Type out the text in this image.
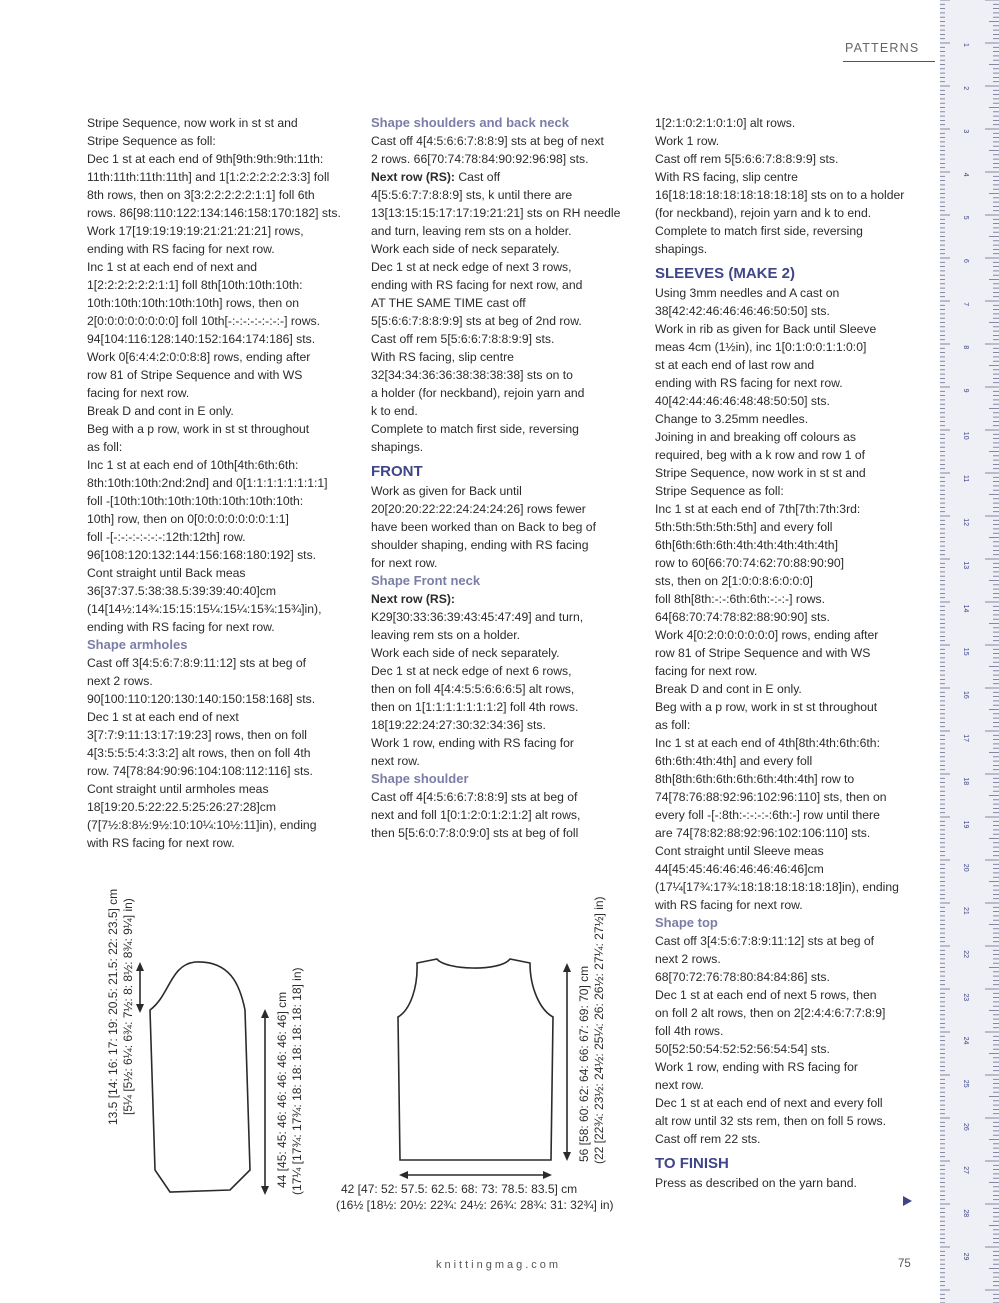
PATTERNS
Stripe Sequence, now work in st st and
Stripe Sequence as foll:
Dec 1 st at each end of 9th[9th:9th:9th:11th:
11th:11th:11th:11th] and 1[1:2:2:2:2:2:3:3] foll
8th rows, then on 3[3:2:2:2:2:2:1:1] foll 6th
rows. 86[98:110:122:134:146:158:170:182] sts.
Work 17[19:19:19:19:21:21:21:21] rows,
ending with RS facing for next row.
Inc 1 st at each end of next and
1[2:2:2:2:2:2:1:1] foll 8th[10th:10th:10th:
10th:10th:10th:10th:10th] rows, then on
2[0:0:0:0:0:0:0:0] foll 10th[-:-:-:-:-:-:-:-] rows.
94[104:116:128:140:152:164:174:186] sts.
Work 0[6:4:4:2:0:0:8:8] rows, ending after
row 81 of Stripe Sequence and with WS
facing for next row.
Break D and cont in E only.
Beg with a p row, work in st st throughout
as foll:
Inc 1 st at each end of 10th[4th:6th:6th:
8th:10th:10th:2nd:2nd] and 0[1:1:1:1:1:1:1:1]
foll -[10th:10th:10th:10th:10th:10th:10th:
10th] row, then on 0[0:0:0:0:0:0:0:1:1]
foll -[-:-:-:-:-:-:-:12th:12th] row.
96[108:120:132:144:156:168:180:192] sts.
Cont straight until Back meas
36[37:37.5:38:38.5:39:39:40:40]cm
(14[14½:14¾:15:15:15¼:15¼:15¾:15¾]in),
ending with RS facing for next row.
Shape armholes
Cast off 3[4:5:6:7:8:9:11:12] sts at beg of
next 2 rows.
90[100:110:120:130:140:150:158:168] sts.
Dec 1 st at each end of next
3[7:7:9:11:13:17:19:23] rows, then on foll
4[3:5:5:5:4:3:3:2] alt rows, then on foll 4th
row. 74[78:84:90:96:104:108:112:116] sts.
Cont straight until armholes meas
18[19:20.5:22:22.5:25:26:27:28]cm
(7[7½:8:8½:9½:10:10¼:10½:11]in), ending
with RS facing for next row.
Shape shoulders and back neck
Cast off 4[4:5:6:6:7:8:8:9] sts at beg of next
2 rows. 66[70:74:78:84:90:92:96:98] sts.
Next row (RS): Cast off
4[5:5:6:7:7:8:8:9] sts, k until there are
13[13:15:15:17:17:19:21:21] sts on RH needle
and turn, leaving rem sts on a holder.
Work each side of neck separately.
Dec 1 st at neck edge of next 3 rows,
ending with RS facing for next row, and
AT THE SAME TIME cast off
5[5:6:6:7:8:8:9:9] sts at beg of 2nd row.
Cast off rem 5[5:6:6:7:8:8:9:9] sts.
With RS facing, slip centre
32[34:34:36:36:38:38:38:38] sts on to
a holder (for neckband), rejoin yarn and
k to end.
Complete to match first side, reversing
shapings.
FRONT
Work as given for Back until
20[20:20:22:22:24:24:24:26] rows fewer
have been worked than on Back to beg of
shoulder shaping, ending with RS facing
for next row.
Shape Front neck
Next row (RS):
K29[30:33:36:39:43:45:47:49] and turn,
leaving rem sts on a holder.
Work each side of neck separately.
Dec 1 st at neck edge of next 6 rows,
then on foll 4[4:4:5:5:6:6:6:5] alt rows,
then on 1[1:1:1:1:1:1:1:2] foll 4th rows.
18[19:22:24:27:30:32:34:36] sts.
Work 1 row, ending with RS facing for
next row.
Shape shoulder
Cast off 4[4:5:6:6:7:8:8:9] sts at beg of
next and foll 1[0:1:2:0:1:2:1:2] alt rows,
then 5[5:6:0:7:8:0:9:0] sts at beg of foll
1[2:1:0:2:1:0:1:0] alt rows.
Work 1 row.
Cast off rem 5[5:6:6:7:8:8:9:9] sts.
With RS facing, slip centre
16[18:18:18:18:18:18:18:18] sts on to a holder
(for neckband), rejoin yarn and k to end.
Complete to match first side, reversing
shapings.
SLEEVES (MAKE 2)
Using 3mm needles and A cast on
38[42:42:46:46:46:46:50:50] sts.
Work in rib as given for Back until Sleeve
meas 4cm (1½in), inc 1[0:1:0:0:1:1:0:0]
st at each end of last row and
ending with RS facing for next row.
40[42:44:46:46:48:48:50:50] sts.
Change to 3.25mm needles.
Joining in and breaking off colours as
required, beg with a k row and row 1 of
Stripe Sequence, now work in st st and
Stripe Sequence as foll:
Inc 1 st at each end of 7th[7th:7th:3rd:
5th:5th:5th:5th:5th] and every foll
6th[6th:6th:6th:4th:4th:4th:4th:4th]
row to 60[66:70:74:62:70:88:90:90]
sts, then on 2[1:0:0:8:6:0:0:0]
foll 8th[8th:-:-:6th:6th:-:-:-] rows.
64[68:70:74:78:82:88:90:90] sts.
Work 4[0:2:0:0:0:0:0:0] rows, ending after
row 81 of Stripe Sequence and with WS
facing for next row.
Break D and cont in E only.
Beg with a p row, work in st st throughout
as foll:
Inc 1 st at each end of 4th[8th:4th:6th:6th:
6th:6th:4th:4th] and every foll
8th[8th:6th:6th:6th:6th:4th:4th] row to
74[78:76:88:92:96:102:96:110] sts, then on
every foll -[-:8th:-:-:-:-:6th:-] row until there
are 74[78:82:88:92:96:102:106:110] sts.
Cont straight until Sleeve meas
44[45:45:46:46:46:46:46:46]cm
(17¼[17¾:17¾:18:18:18:18:18:18]in), ending
with RS facing for next row.
Shape top
Cast off 3[4:5:6:7:8:9:11:12] sts at beg of
next 2 rows.
68[70:72:76:78:80:84:84:86] sts.
Dec 1 st at each end of next 5 rows, then
on foll 2 alt rows, then on 2[2:4:4:6:7:7:8:9]
foll 4th rows.
50[52:50:54:52:52:56:54:54] sts.
Work 1 row, ending with RS facing for
next row.
Dec 1 st at each end of next and every foll
alt row until 32 sts rem, then on foll 5 rows.
Cast off rem 22 sts.
TO FINISH
Press as described on the yarn band.
13.5 [14: 16: 17: 19: 20.5: 21.5: 22: 23.5] cm [5¼ [5½: 6¼: 6¾: 7½: 8: 8½: 8¾: 9¼] in)	44 [45: 45: 46: 46: 46: 46: 46: 46] cm (17¼ [17¾: 17¾: 18: 18: 18: 18: 18: 18] in)	56 [58: 60: 62: 64: 66: 67: 69: 70] cm (22 [22¾: 23½: 24½: 25¼: 26: 26½: 27¼: 27½] in)
42 [47: 52: 57.5: 62.5: 68: 73: 78.5: 83.5] cm
(16½ [18½: 20½: 22¾: 24½: 26¾: 28¾: 31: 32¾] in)
knittingmag.com	75
1
2
3
4
5
6
7
8
9
10
11
12
13
14
15
16
17
18
19
20
21
22
23
24
25
26
27
28
29
